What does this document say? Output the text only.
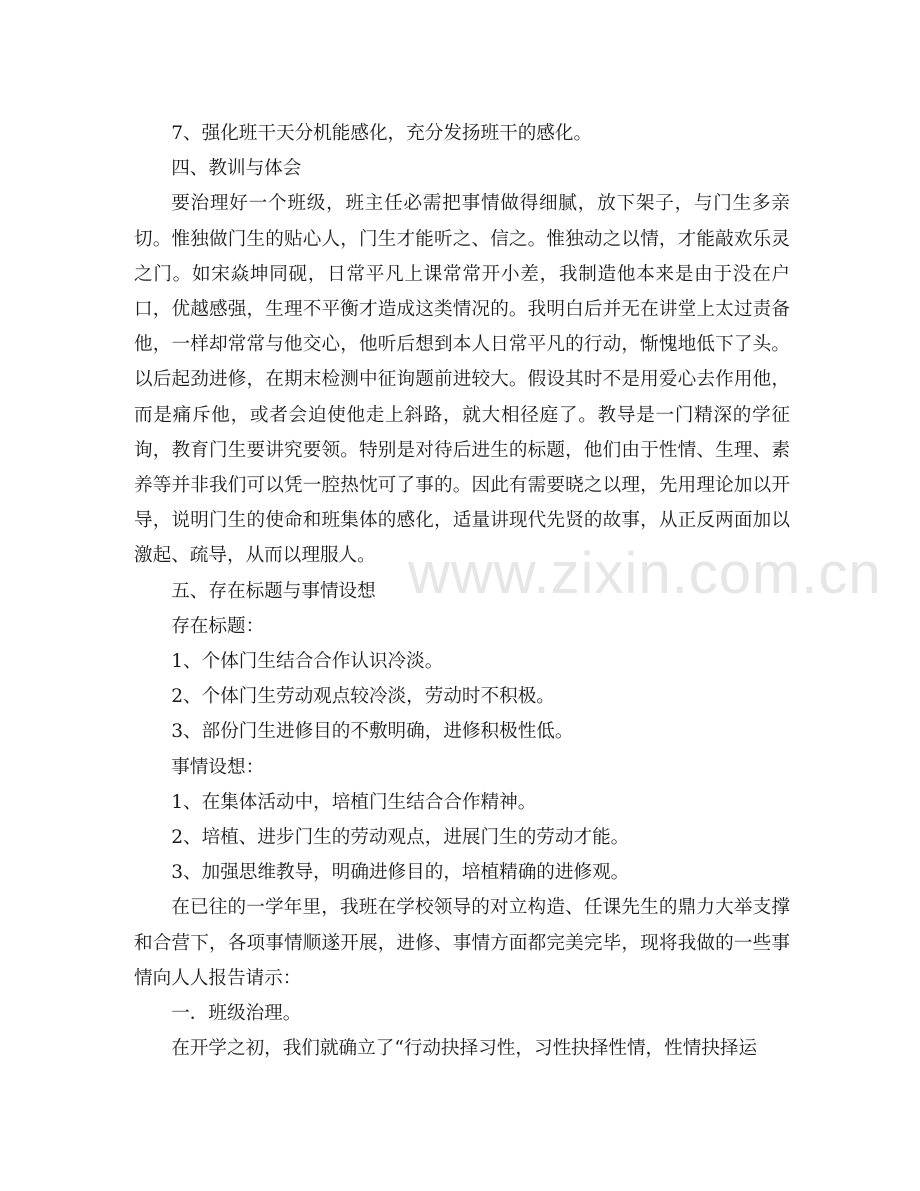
7、强化班干天分机能感化，充分发扬班干的感化。

四、教训与体会

要治理好一个班级，班主任必需把事情做得细腻，放下架子，与门生多亲切。惟独做门生的贴心人，门生才能听之、信之。惟独动之以情，才能敲欢乐灵之门。如宋焱坤同砚，日常平凡上课常常开小差，我制造他本来是由于没在户口，优越感强，生理不平衡才造成这类情况的。我明白后并无在讲堂上太过责备他，一样却常常与他交心，他听后想到本人日常平凡的行动，惭愧地低下了头。以后起劲进修，在期末检测中征询题前进较大。假设其时不是用爱心去作用他，而是痛斥他，或者会迫使他走上斜路，就大相径庭了。教导是一门精深的学征询，教育门生要讲究要领。特别是对待后进生的标题，他们由于性情、生理、素养等并非我们可以凭一腔热忱可了事的。因此有需要晓之以理，先用理论加以开导，说明门生的使命和班集体的感化，适量讲现代先贤的故事，从正反两面加以激起、疏导，从而以理服人。

五、存在标题与事情设想

存在标题：

1、个体门生结合合作认识冷淡。

2、个体门生劳动观点较冷淡，劳动时不积极。

3、部份门生进修目的不敷明确，进修积极性低。

事情设想：

1、在集体活动中，培植门生结合合作精神。

2、培植、进步门生的劳动观点，进展门生的劳动才能。

3、加强思维教导，明确进修目的，培植精确的进修观。

在已往的一学年里，我班在学校领导的对立构造、任课先生的鼎力大举支撑和合营下，各项事情顺遂开展，进修、事情方面都完美完毕，现将我做的一些事情向人人报告请示：

一．班级治理。

在开学之初，我们就确立了“行动抉择习性，习性抉择性情，性情抉择运

www.zixin.com.cn
